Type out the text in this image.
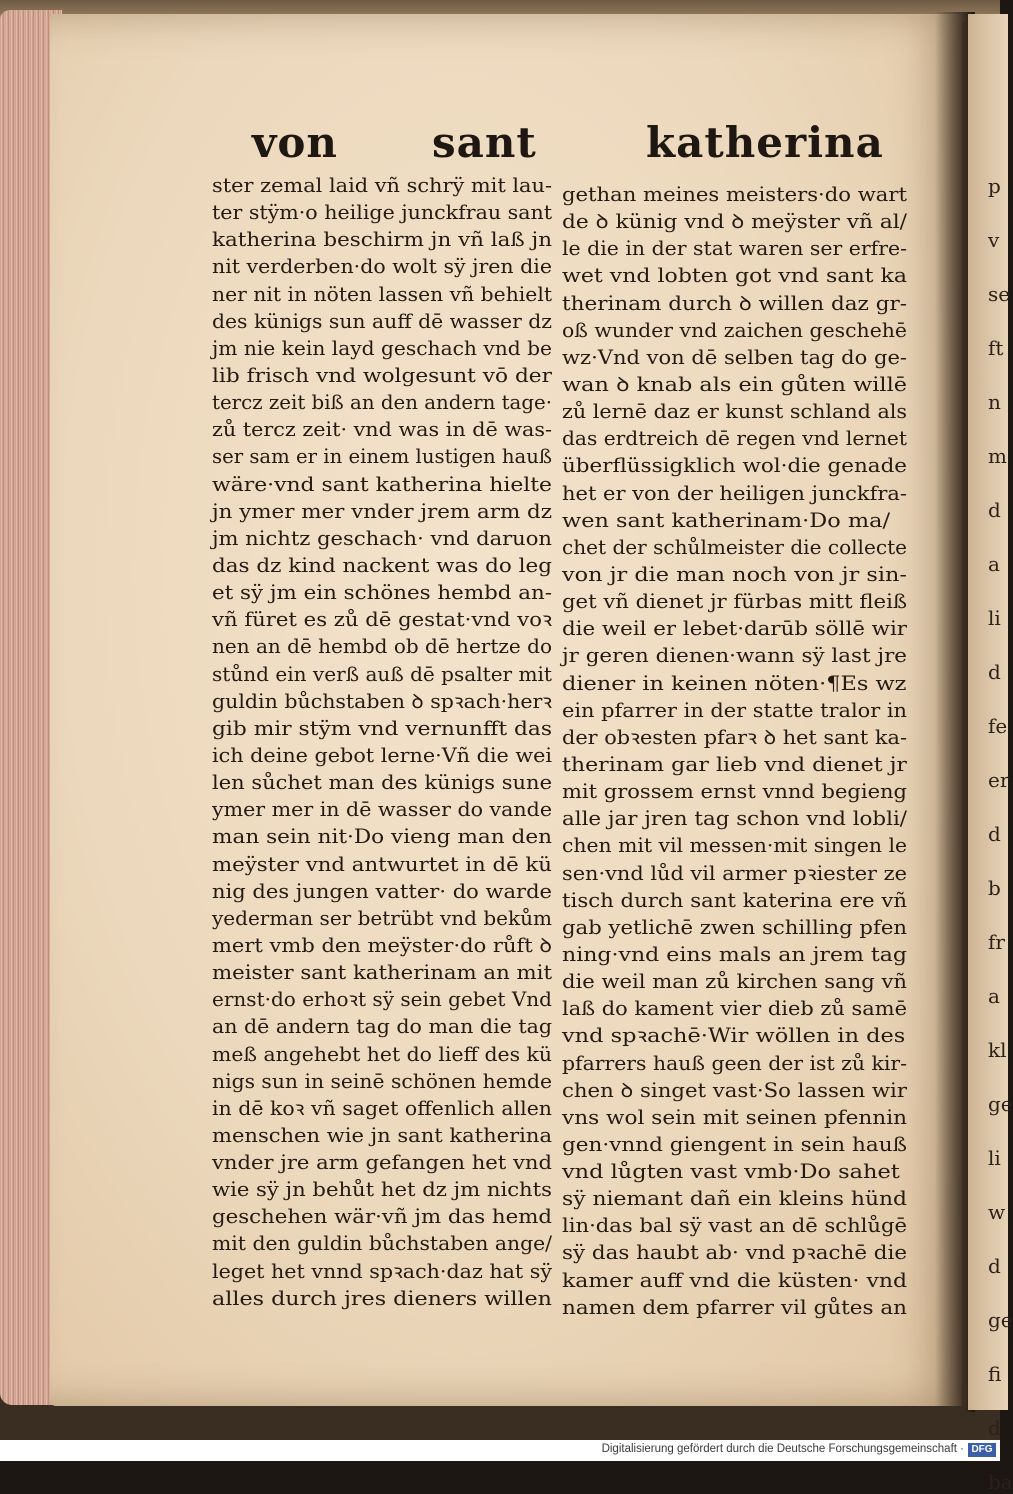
p
v
se
ft
n
m
d
a
li
d
fe
er
d
b
fr
a
kl
ge
li
w
d
ge
fi
d
ba
von sant	katherina
ster zemal laid vñ schrÿ mit lau-
ter stÿm·o heilige junckfrau sant
katherina beschirm jn vñ laß jn
nit verderben·do wolt sÿ jren die
ner nit in nöten lassen vñ behielt
des künigs sun auff dē wasser dz
jm nie kein layd geschach vnd be
lib frisch vnd wolgesunt vō der
tercz zeit biß an den andern tage·
zů tercz zeit· vnd was in dē was-
ser sam er in einem lustigen hauß
wäre·vnd sant katherina hielte
jn ymer mer vnder jrem arm dz
jm nichtz geschach· vnd daruon
das dz kind nackent was do leg
et sÿ jm ein schönes hembd an-
vñ füret es zů dē gestat·vnd voꝛ
nen an dē hembd ob dē hertze do
stůnd ein verß auß dē psalter mit
guldin bůchstaben ꝺ spꝛach·herꝛ
gib mir stÿm vnd vernunfft das
ich deine gebot lerne·Vñ die wei
len sůchet man des künigs sune
ymer mer in dē wasser do vande
man sein nit·Do vieng man den
meÿster vnd antwurtet in dē kü
nig des jungen vatter· do warde
yederman ser betrübt vnd bekům
mert vmb den meÿster·do růft ꝺ
meister sant katherinam an mit
ernst·do erhoꝛt sÿ sein gebet Vnd
an dē andern tag do man die tag
meß angehebt het do lieff des kü
nigs sun in seinē schönen hemde
in dē koꝛ vñ saget offenlich allen
menschen wie jn sant katherina
vnder jre arm gefangen het vnd
wie sÿ jn behůt het dz jm nichts
geschehen wär·vñ jm das hemd
mit den guldin bůchstaben ange/
leget het vnnd spꝛach·daz hat sÿ
alles durch jres dieners willen
gethan meines meisters·do wart
de ꝺ künig vnd ꝺ meÿster vñ al/
le die in der stat waren ser erfre-
wet vnd lobten got vnd sant ka
therinam durch ꝺ willen daz gr-
oß wunder vnd zaichen geschehē
wz·Vnd von dē selben tag do ge-
wan ꝺ knab als ein gůten willē
zů lernē daz er kunst schland als
das erdtreich dē regen vnd lernet
überflüssigklich wol·die genade
het er von der heiligen junckfra-
wen sant katherinam·Do ma/
chet der schůlmeister die collecte
von jr die man noch von jr sin-
get vñ dienet jr fürbas mitt fleiß
die weil er lebet·darūb söllē wir
jr geren dienen·wann sÿ last jre
diener in keinen nöten·¶Es wz
ein pfarrer in der statte tralor in
der obꝛesten pfarꝛ ꝺ het sant ka-
therinam gar lieb vnd dienet jr
mit grossem ernst vnnd begieng
alle jar jren tag schon vnd lobli/
chen mit vil messen·mit singen le
sen·vnd lůd vil armer pꝛiester ze
tisch durch sant katerina ere vñ
gab yetlichē zwen schilling pfen
ning·vnd eins mals an jrem tag
die weil man zů kirchen sang vñ
laß do kament vier dieb zů samē
vnd spꝛachē·Wir wöllen in des
pfarrers hauß geen der ist zů kir-
chen ꝺ singet vast·So lassen wir
vns wol sein mit seinen pfennin
gen·vnnd giengent in sein hauß
vnd lůgten vast vmb·Do sahet
sÿ niemant dañ ein kleins hünd
lin·das bal sÿ vast an dē schlůgē
sÿ das haubt ab· vnd pꝛachē die
kamer auff vnd die küsten· vnd
namen dem pfarrer vil gůtes an
Digitalisierung gefördert durch die Deutsche Forschungsgemeinschaft · DFG
